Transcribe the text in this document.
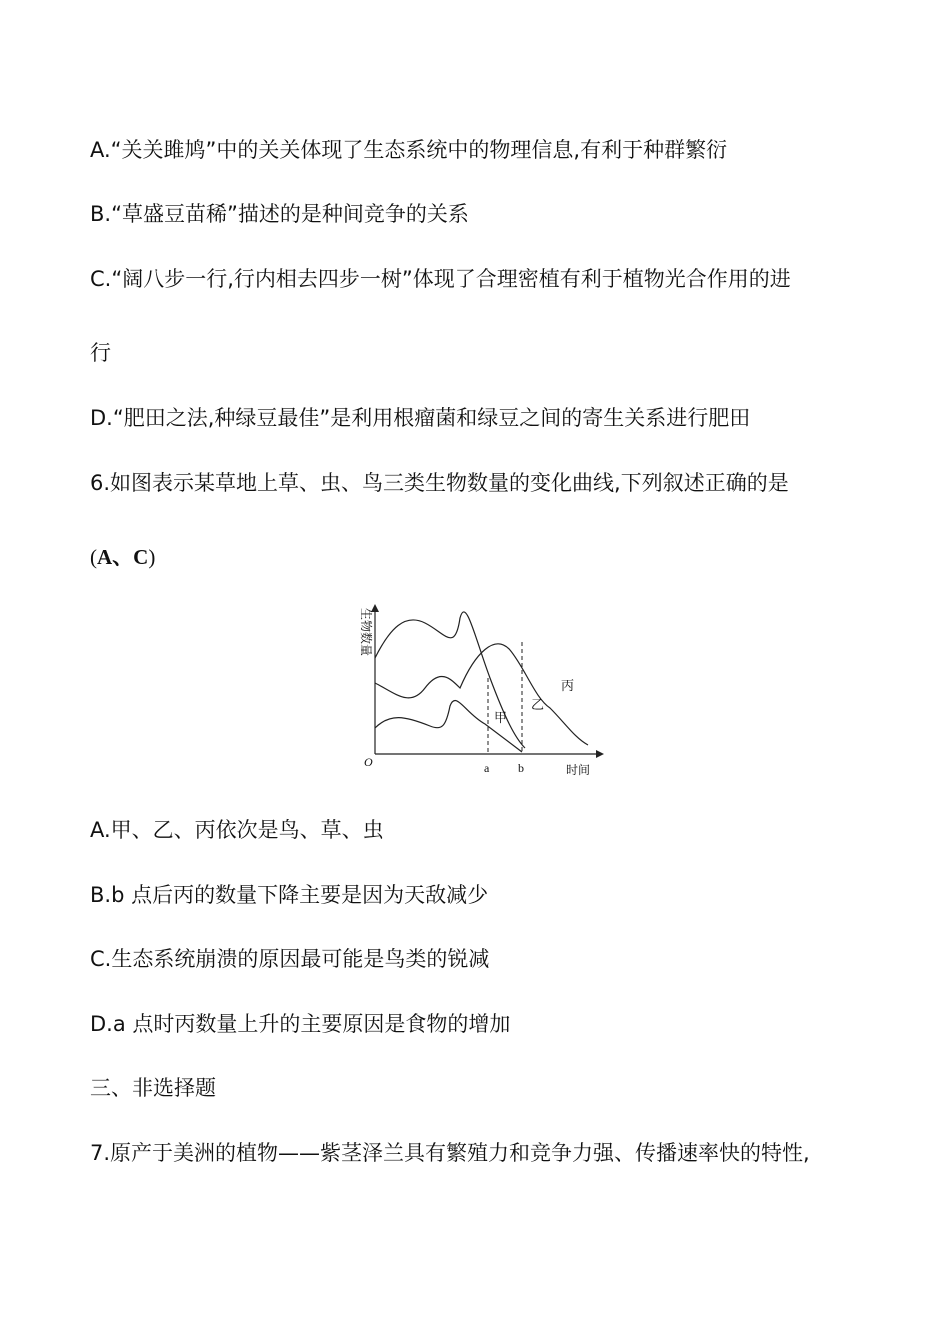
A.“关关雎鸠”中的关关体现了生态系统中的物理信息,有利于种群繁衍

B.“草盛豆苗稀”描述的是种间竞争的关系

C.“阔八步一行,行内相去四步一树”体现了合理密植有利于植物光合作用的进

行

D.“肥田之法,种绿豆最佳”是利用根瘤菌和绿豆之间的寄生关系进行肥田

6.如图表示某草地上草、虫、鸟三类生物数量的变化曲线,下列叙述正确的是

(A、C)

生物数量
时间
O	a b
甲
乙
丙

A.甲、乙、丙依次是鸟、草、虫

B.b 点后丙的数量下降主要是因为天敌减少

C.生态系统崩溃的原因最可能是鸟类的锐减

D.a 点时丙数量上升的主要原因是食物的增加

三、非选择题

7.原产于美洲的植物——紫茎泽兰具有繁殖力和竞争力强、传播速率快的特性,
